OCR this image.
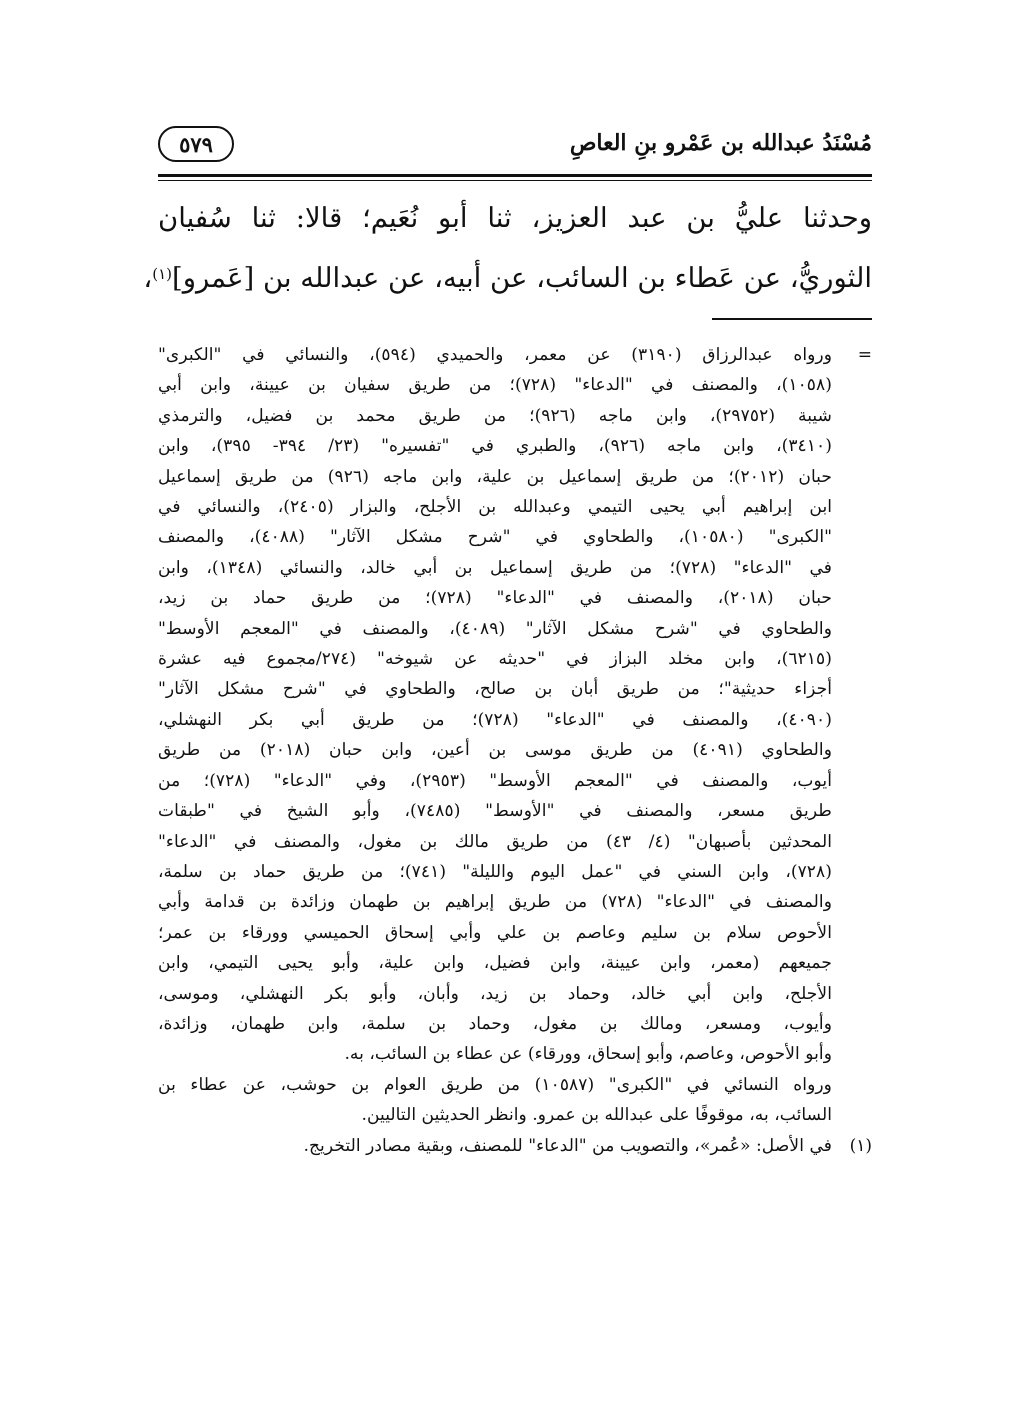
مُسْنَدُ عبدالله بن عَمْرو بنِ العاصِ
٥٧٩
وحدثنا عليُّ بن عبد العزيز، ثنا أبو نُعَيم؛ قالا: ثنا سُفيان
الثوريُّ، عن عَطاء بن السائب، عن أبيه، عن عبدالله بن [عَمرو]$^{(١)}$،
=
ورواه عبدالرزاق (٣١٩٠) عن معمر، والحميدي (٥٩٤)، والنسائي في "الكبرى"
(١٠٥٨)، والمصنف في "الدعاء" (٧٢٨)؛ من طريق سفيان بن عيينة، وابن أبي
شيبة (٢٩٧٥٢)، وابن ماجه (٩٢٦)؛ من طريق محمد بن فضيل، والترمذي
(٣٤١٠)، وابن ماجه (٩٢٦)، والطبري في "تفسيره" (٢٣/ ٣٩٤- ٣٩٥)، وابن
حبان (٢٠١٢)؛ من طريق إسماعيل بن علية، وابن ماجه (٩٢٦) من طريق إسماعيل
ابن إبراهيم أبي يحيى التيمي وعبدالله بن الأجلح، والبزار (٢٤٠٥)، والنسائي في
"الكبرى" (١٠٥٨٠)، والطحاوي في "شرح مشكل الآثار" (٤٠٨٨)، والمصنف
في "الدعاء" (٧٢٨)؛ من طريق إسماعيل بن أبي خالد، والنسائي (١٣٤٨)، وابن
حبان (٢٠١٨)، والمصنف في "الدعاء" (٧٢٨)؛ من طريق حماد بن زيد،
والطحاوي في "شرح مشكل الآثار" (٤٠٨٩)، والمصنف في "المعجم الأوسط"
(٦٢١٥)، وابن مخلد البزاز في "حديثه عن شيوخه" (٢٧٤/مجموع فيه عشرة
أجزاء حديثية"؛ من طريق أبان بن صالح، والطحاوي في "شرح مشكل الآثار"
(٤٠٩٠)، والمصنف في "الدعاء" (٧٢٨)؛ من طريق أبي بكر النهشلي،
والطحاوي (٤٠٩١) من طريق موسى بن أعين، وابن حبان (٢٠١٨) من طريق
أيوب، والمصنف في "المعجم الأوسط" (٢٩٥٣)، وفي "الدعاء" (٧٢٨)؛ من
طريق مسعر، والمصنف في "الأوسط" (٧٤٨٥)، وأبو الشيخ في "طبقات
المحدثين بأصبهان" (٤/ ٤٣) من طريق مالك بن مغول، والمصنف في "الدعاء"
(٧٢٨)، وابن السني في "عمل اليوم والليلة" (٧٤١)؛ من طريق حماد بن سلمة،
والمصنف في "الدعاء" (٧٢٨) من طريق إبراهيم بن طهمان وزائدة بن قدامة وأبي
الأحوص سلام بن سليم وعاصم بن علي وأبي إسحاق الحميسي وورقاء بن عمر؛
جميعهم (معمر، وابن عيينة، وابن فضيل، وابن علية، وأبو يحيى التيمي، وابن
الأجلح، وابن أبي خالد، وحماد بن زيد، وأبان، وأبو بكر النهشلي، وموسى،
وأيوب، ومسعر، ومالك بن مغول، وحماد بن سلمة، وابن طهمان، وزائدة،
وأبو الأحوص، وعاصم، وأبو إسحاق، وورقاء) عن عطاء بن السائب، به.
ورواه النسائي في "الكبرى" (١٠٥٨٧) من طريق العوام بن حوشب، عن عطاء بن
السائب، به، موقوفًا على عبدالله بن عمرو. وانظر الحديثين التاليين.
(١)
في الأصل: «عُمر»، والتصويب من "الدعاء" للمصنف، وبقية مصادر التخريج.
